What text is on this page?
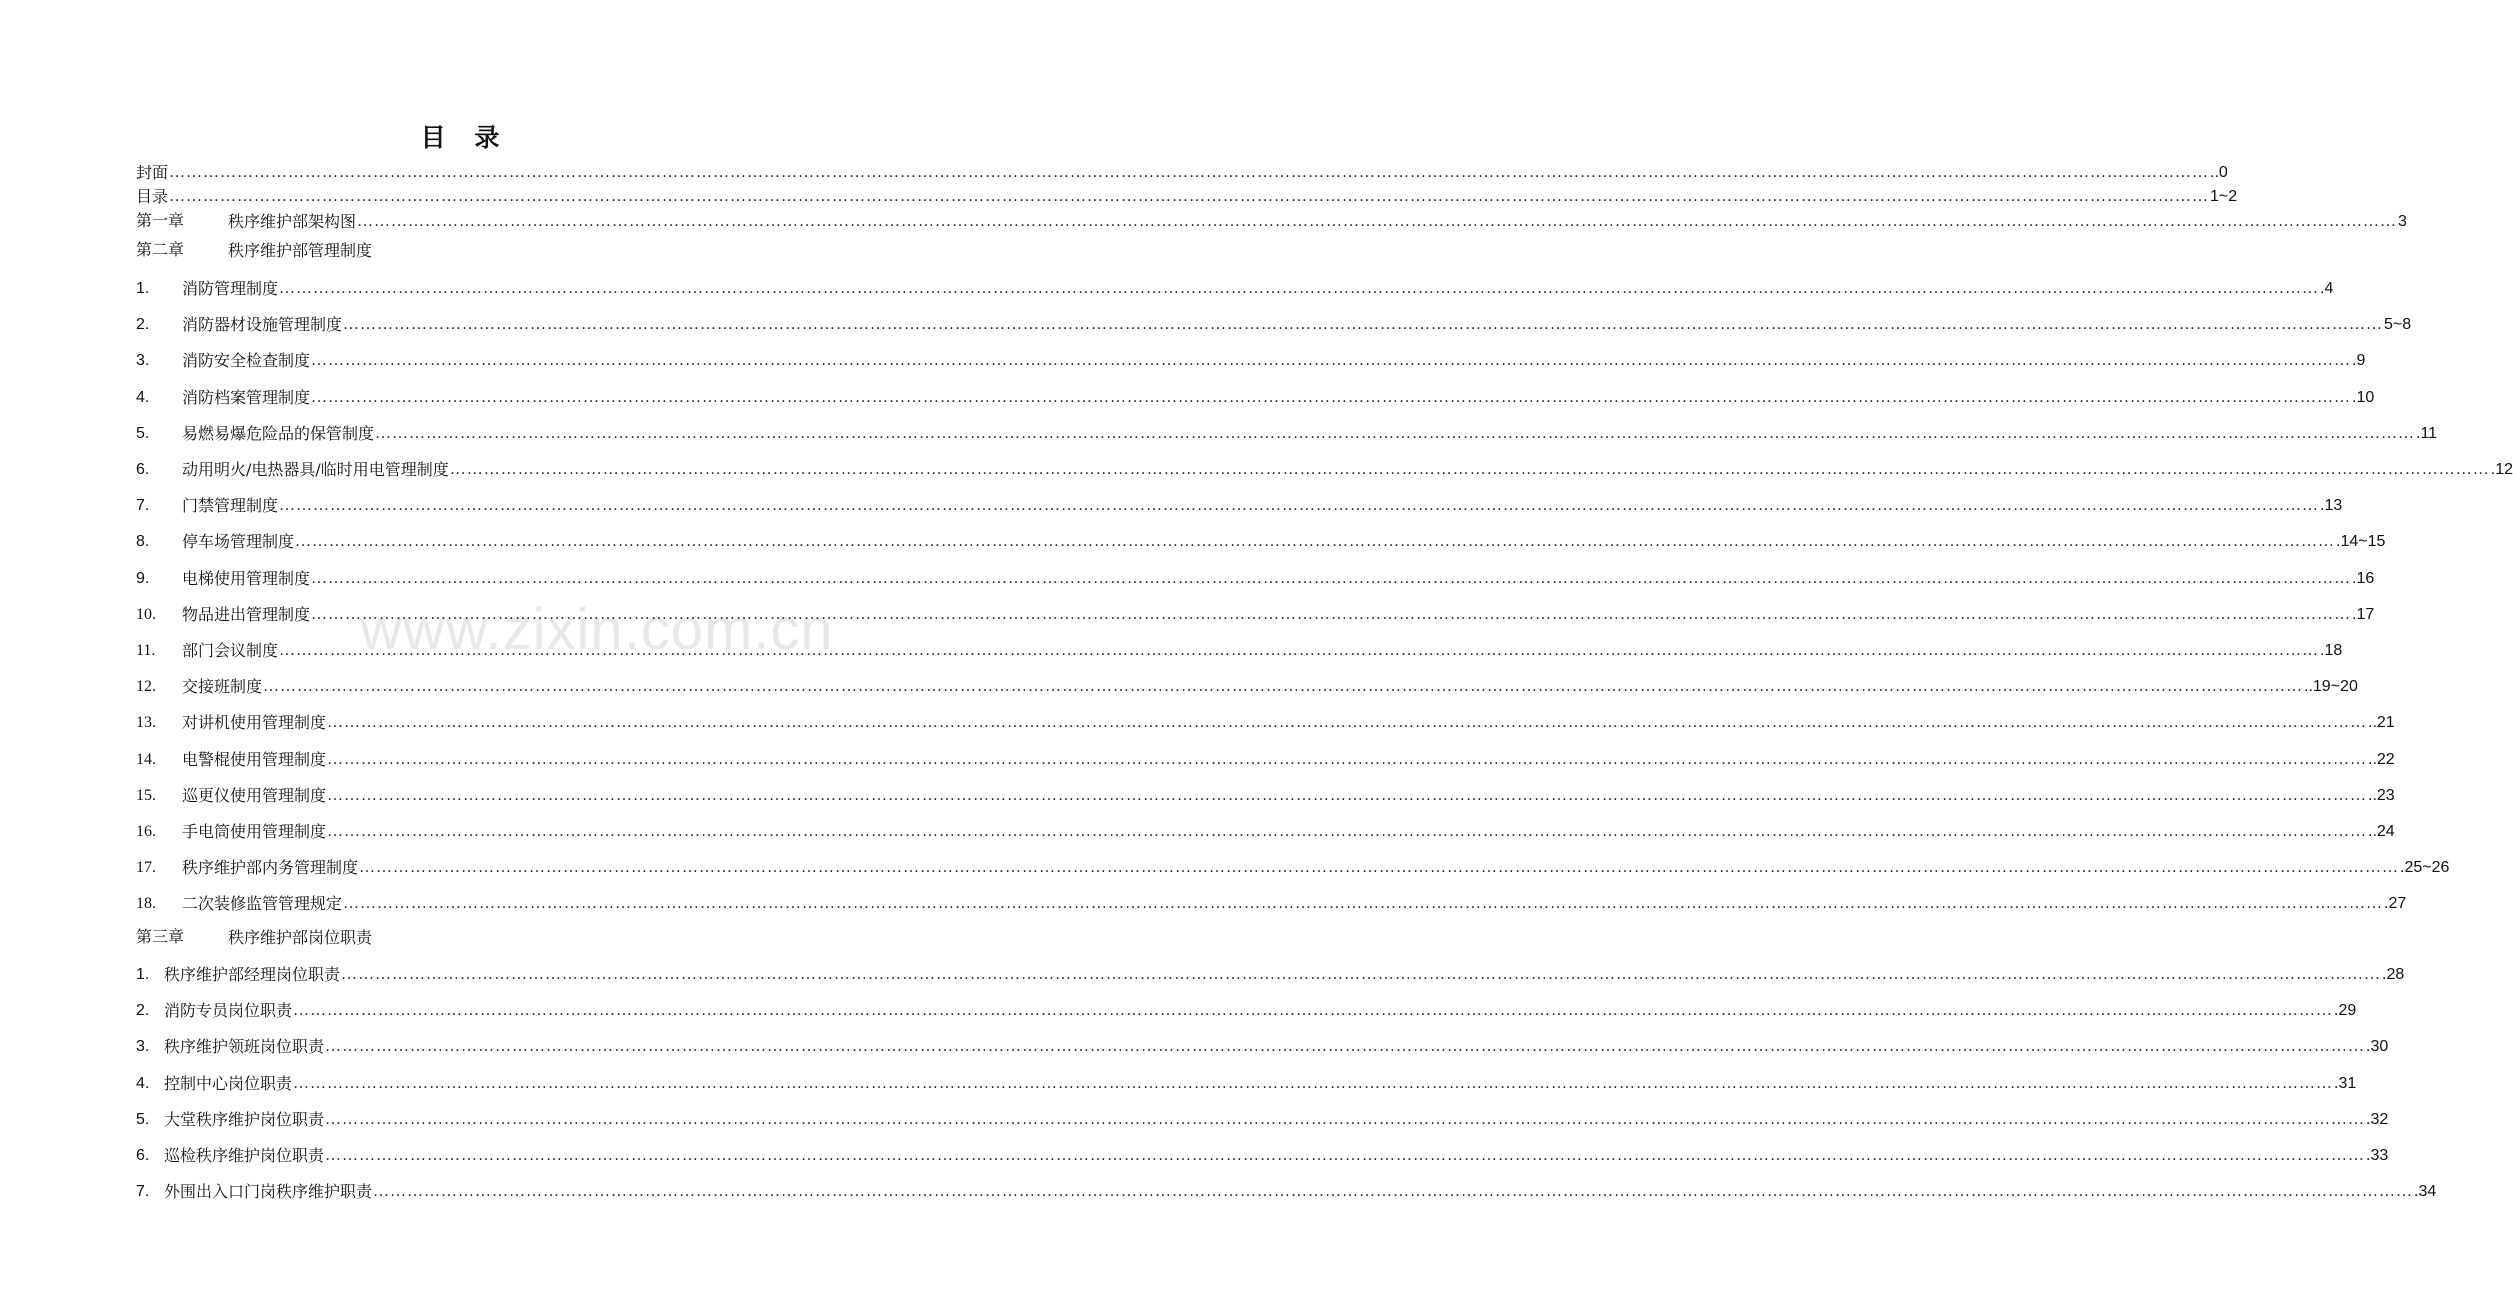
目 录
www.zixin.com.cn
封面 ……………………………………………………………………………………………………………………………………………………………………………………………………………………………………………………………………………………………………………………………… ..0
目录 ……………………………………………………………………………………………………………………………………………………………………………………………………………………………………………………………………………………………………………………………… 1~2
第一章	秩序维护部架构图 ……………………………………………………………………………………………………………………………………………………………………………………………………………………………………………………………………………………………………………………………… 3
第二章	秩序维护部管理制度
1.	消防管理制度 ……………………………………………………………………………………………………………………………………………………………………………………………………………………………………………………………………………………………………………………………… .4
2.	消防器材设施管理制度 ……………………………………………………………………………………………………………………………………………………………………………………………………………………………………………………………………………………………………………………………… 5~8
3.	消防安全检查制度 ……………………………………………………………………………………………………………………………………………………………………………………………………………………………………………………………………………………………………………………………… .9
4.	消防档案管理制度 ……………………………………………………………………………………………………………………………………………………………………………………………………………………………………………………………………………………………………………………………… .10
5.	易燃易爆危险品的保管制度 ……………………………………………………………………………………………………………………………………………………………………………………………………………………………………………………………………………………………………………………………… .11
6.	动用明火/电热器具/临时用电管理制度 ……………………………………………………………………………………………………………………………………………………………………………………………………………………………………………………………………………………………………………………………… .12
7.	门禁管理制度 ……………………………………………………………………………………………………………………………………………………………………………………………………………………………………………………………………………………………………………………………… .13
8.	停车场管理制度 ……………………………………………………………………………………………………………………………………………………………………………………………………………………………………………………………………………………………………………………………… .14~15
9.	电梯使用管理制度 ……………………………………………………………………………………………………………………………………………………………………………………………………………………………………………………………………………………………………………………………… .16
10.	物品进出管理制度 ……………………………………………………………………………………………………………………………………………………………………………………………………………………………………………………………………………………………………………………………… .17
11.	部门会议制度 ……………………………………………………………………………………………………………………………………………………………………………………………………………………………………………………………………………………………………………………………… .18
12.	交接班制度 ……………………………………………………………………………………………………………………………………………………………………………………………………………………………………………………………………………………………………………………………… ..19~20
13.	对讲机使用管理制度 ……………………………………………………………………………………………………………………………………………………………………………………………………………………………………………………………………………………………………………………………… ..21
14.	电警棍使用管理制度 ……………………………………………………………………………………………………………………………………………………………………………………………………………………………………………………………………………………………………………………………… ..22
15.	巡更仪使用管理制度 ……………………………………………………………………………………………………………………………………………………………………………………………………………………………………………………………………………………………………………………………… ..23
16.	手电筒使用管理制度 ……………………………………………………………………………………………………………………………………………………………………………………………………………………………………………………………………………………………………………………………… ..24
17.	秩序维护部内务管理制度 ……………………………………………………………………………………………………………………………………………………………………………………………………………………………………………………………………………………………………………………………… .25~26
18.	二次装修监管管理规定 ……………………………………………………………………………………………………………………………………………………………………………………………………………………………………………………………………………………………………………………………… .27
第三章	秩序维护部岗位职责
1. 秩序维护部经理岗位职责 ……………………………………………………………………………………………………………………………………………………………………………………………………………………………………………………………………………………………………………………………… .28
2. 消防专员岗位职责 ……………………………………………………………………………………………………………………………………………………………………………………………………………………………………………………………………………………………………………………………… .29
3. 秩序维护领班岗位职责 ……………………………………………………………………………………………………………………………………………………………………………………………………………………………………………………………………………………………………………………………… .30
4. 控制中心岗位职责 ……………………………………………………………………………………………………………………………………………………………………………………………………………………………………………………………………………………………………………………………… .31
5. 大堂秩序维护岗位职责 ……………………………………………………………………………………………………………………………………………………………………………………………………………………………………………………………………………………………………………………………… .32
6. 巡检秩序维护岗位职责 ……………………………………………………………………………………………………………………………………………………………………………………………………………………………………………………………………………………………………………………………… .33
7. 外围出入口门岗秩序维护职责 ……………………………………………………………………………………………………………………………………………………………………………………………………………………………………………………………………………………………………………………………… .34
